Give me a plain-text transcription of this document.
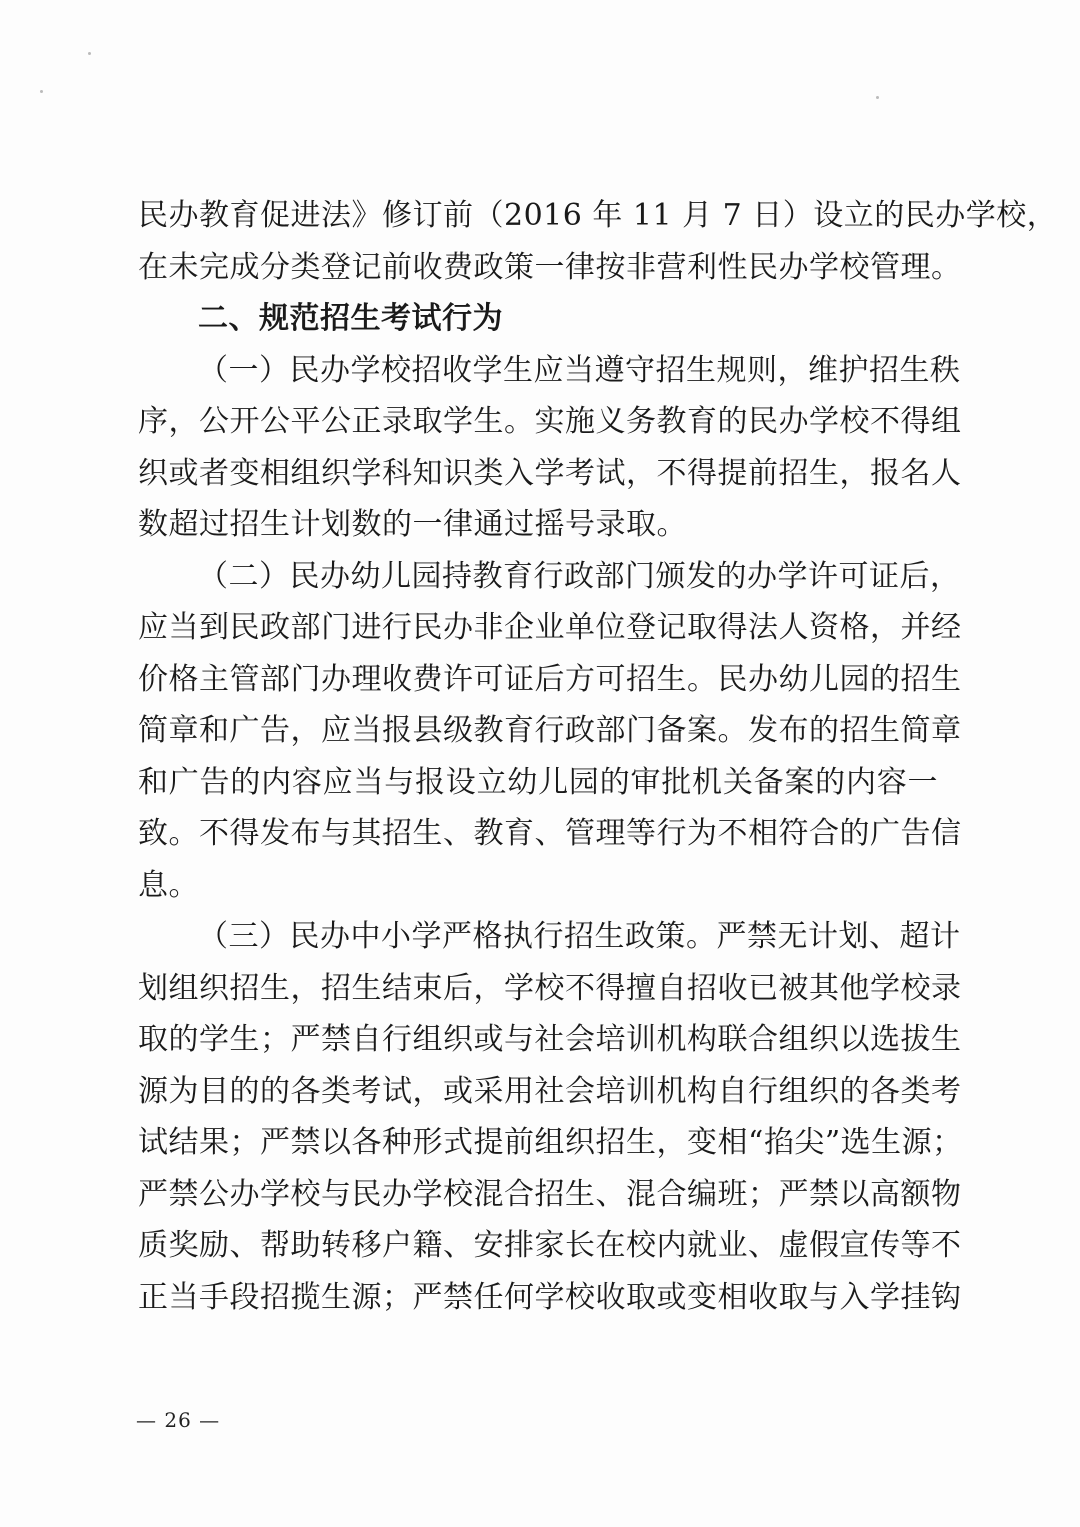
民办教育促进法》修订前（2016 年 11 月 7 日）设立的民办学校，
在未完成分类登记前收费政策一律按非营利性民办学校管理。
二、规范招生考试行为
（一）民办学校招收学生应当遵守招生规则，维护招生秩
序，公开公平公正录取学生。实施义务教育的民办学校不得组
织或者变相组织学科知识类入学考试，不得提前招生，报名人
数超过招生计划数的一律通过摇号录取。
（二）民办幼儿园持教育行政部门颁发的办学许可证后，
应当到民政部门进行民办非企业单位登记取得法人资格，并经
价格主管部门办理收费许可证后方可招生。民办幼儿园的招生
简章和广告，应当报县级教育行政部门备案。发布的招生简章
和广告的内容应当与报设立幼儿园的审批机关备案的内容一
致。不得发布与其招生、教育、管理等行为不相符合的广告信
息。
（三）民办中小学严格执行招生政策。严禁无计划、超计
划组织招生，招生结束后，学校不得擅自招收已被其他学校录
取的学生；严禁自行组织或与社会培训机构联合组织以选拔生
源为目的的各类考试，或采用社会培训机构自行组织的各类考
试结果；严禁以各种形式提前组织招生，变相“掐尖”选生源；
严禁公办学校与民办学校混合招生、混合编班；严禁以高额物
质奖励、帮助转移户籍、安排家长在校内就业、虚假宣传等不
正当手段招揽生源；严禁任何学校收取或变相收取与入学挂钩
— 26 —
